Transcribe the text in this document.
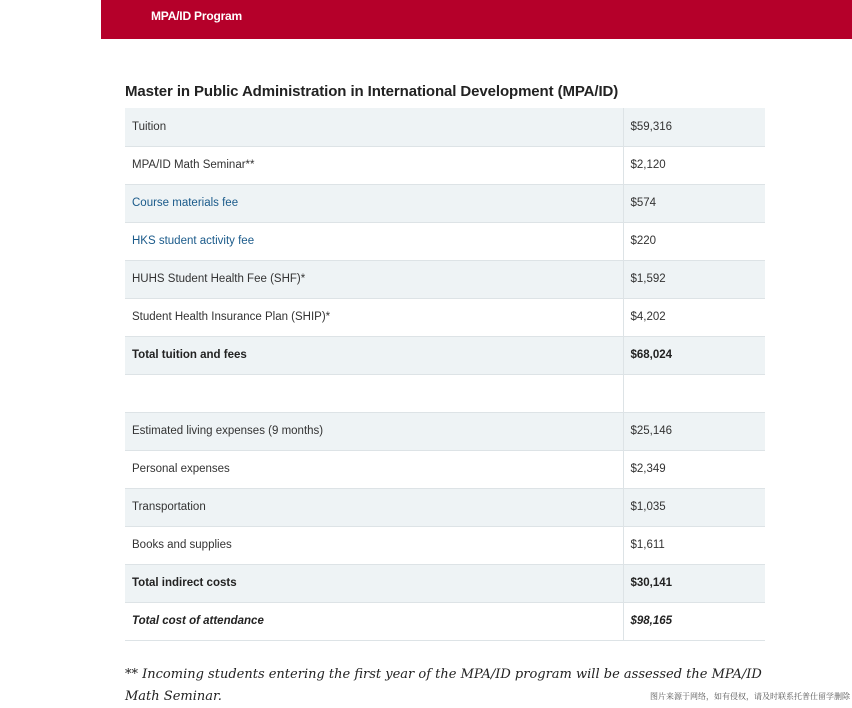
MPA/ID Program
Master in Public Administration in International Development (MPA/ID)
Tuition	$59,316
MPA/ID Math Seminar**	$2,120
Course materials fee	$574
HKS student activity fee	$220
HUHS Student Health Fee (SHF)*	$1,592
Student Health Insurance Plan (SHIP)*	$4,202
Total tuition and fees	$68,024

Estimated living expenses (9 months)	$25,146
Personal expenses	$2,349
Transportation	$1,035
Books and supplies	$1,611
Total indirect costs	$30,141
Total cost of attendance	$98,165
** Incoming students entering the first year of the MPA/ID program will be assessed the MPA/ID Math Seminar.	图片来源于网络，如有侵权，请及时联系托普仕留学删除
